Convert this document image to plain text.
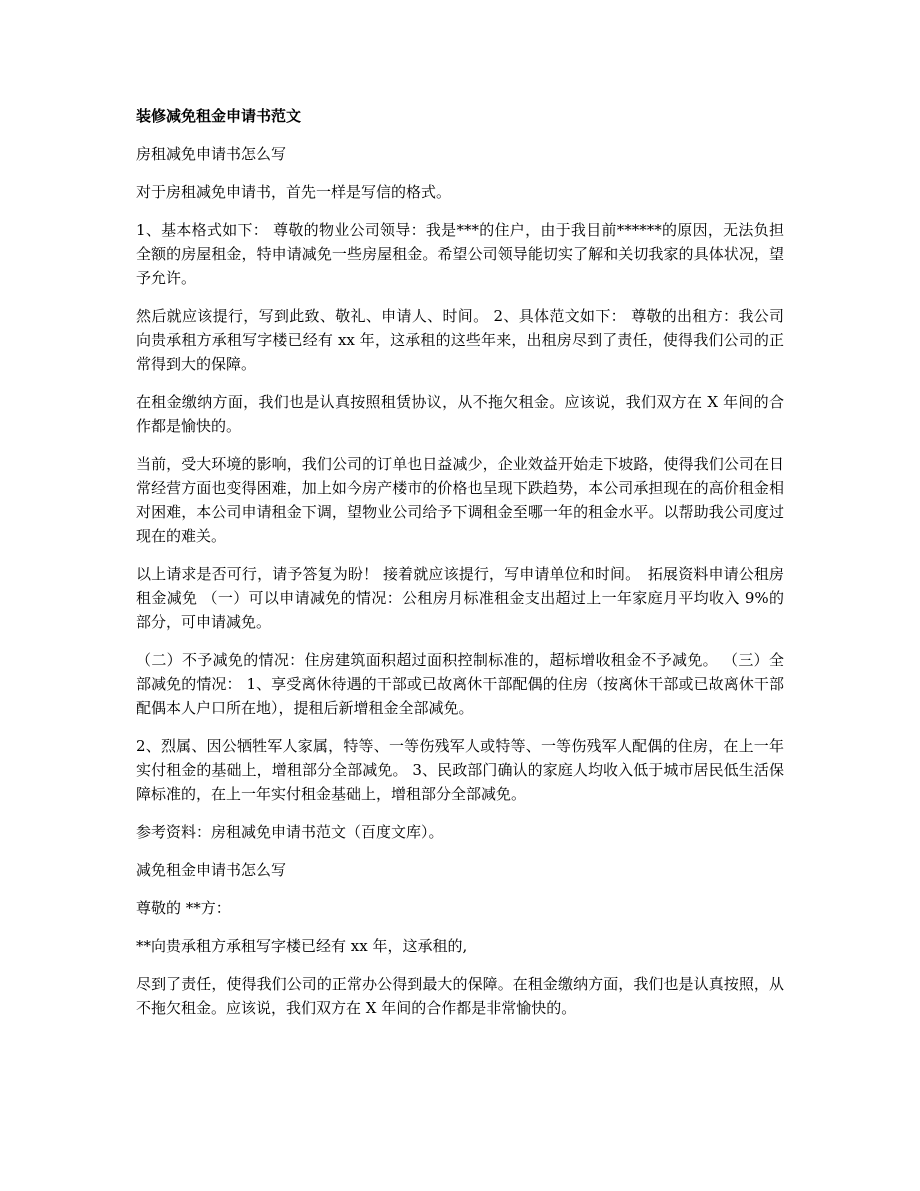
装修减免租金申请书范文

房租减免申请书怎么写

对于房租减免申请书，首先一样是写信的格式。

1、基本格式如下： 尊敬的物业公司领导：我是***的住户，由于我目前******的原因，无法负担全额的房屋租金，特申请减免一些房屋租金。希望公司领导能切实了解和关切我家的具体状况，望予允许。

然后就应该提行，写到此致、敬礼、申请人、时间。 2、具体范文如下： 尊敬的出租方：我公司向贵承租方承租写字楼已经有 xx 年，这承租的这些年来，出租房尽到了责任，使得我们公司的正常得到大的保障。

在租金缴纳方面，我们也是认真按照租赁协议，从不拖欠租金。应该说，我们双方在 X 年间的合作都是愉快的。

当前，受大环境的影响，我们公司的订单也日益减少，企业效益开始走下坡路，使得我们公司在日常经营方面也变得困难，加上如今房产楼市的价格也呈现下跌趋势，本公司承担现在的高价租金相对困难，本公司申请租金下调，望物业公司给予下调租金至哪一年的租金水平。以帮助我公司度过现在的难关。

以上请求是否可行，请予答复为盼！ 接着就应该提行，写申请单位和时间。　拓展资料申请公租房租金减免 （一）可以申请减免的情况：公租房月标准租金支出超过上一年家庭月平均收入 9%的部分，可申请减免。

（二）不予减免的情况：住房建筑面积超过面积控制标准的，超标增收租金不予减免。 （三）全部减免的情况： 1、享受离休待遇的干部或已故离休干部配偶的住房（按离休干部或已故离休干部配偶本人户口所在地），提租后新增租金全部减免。

2、烈属、因公牺牲军人家属，特等、一等伤残军人或特等、一等伤残军人配偶的住房，在上一年实付租金的基础上，增租部分全部减免。 3、民政部门确认的家庭人均收入低于城市居民低生活保障标准的，在上一年实付租金基础上，增租部分全部减免。

参考资料：房租减免申请书范文（百度文库）。

减免租金申请书怎么写

尊敬的 **方：

**向贵承租方承租写字楼已经有 xx 年，这承租的,

尽到了责任，使得我们公司的正常办公得到最大的保障。在租金缴纳方面，我们也是认真按照，从不拖欠租金。应该说，我们双方在 X 年间的合作都是非常愉快的。
